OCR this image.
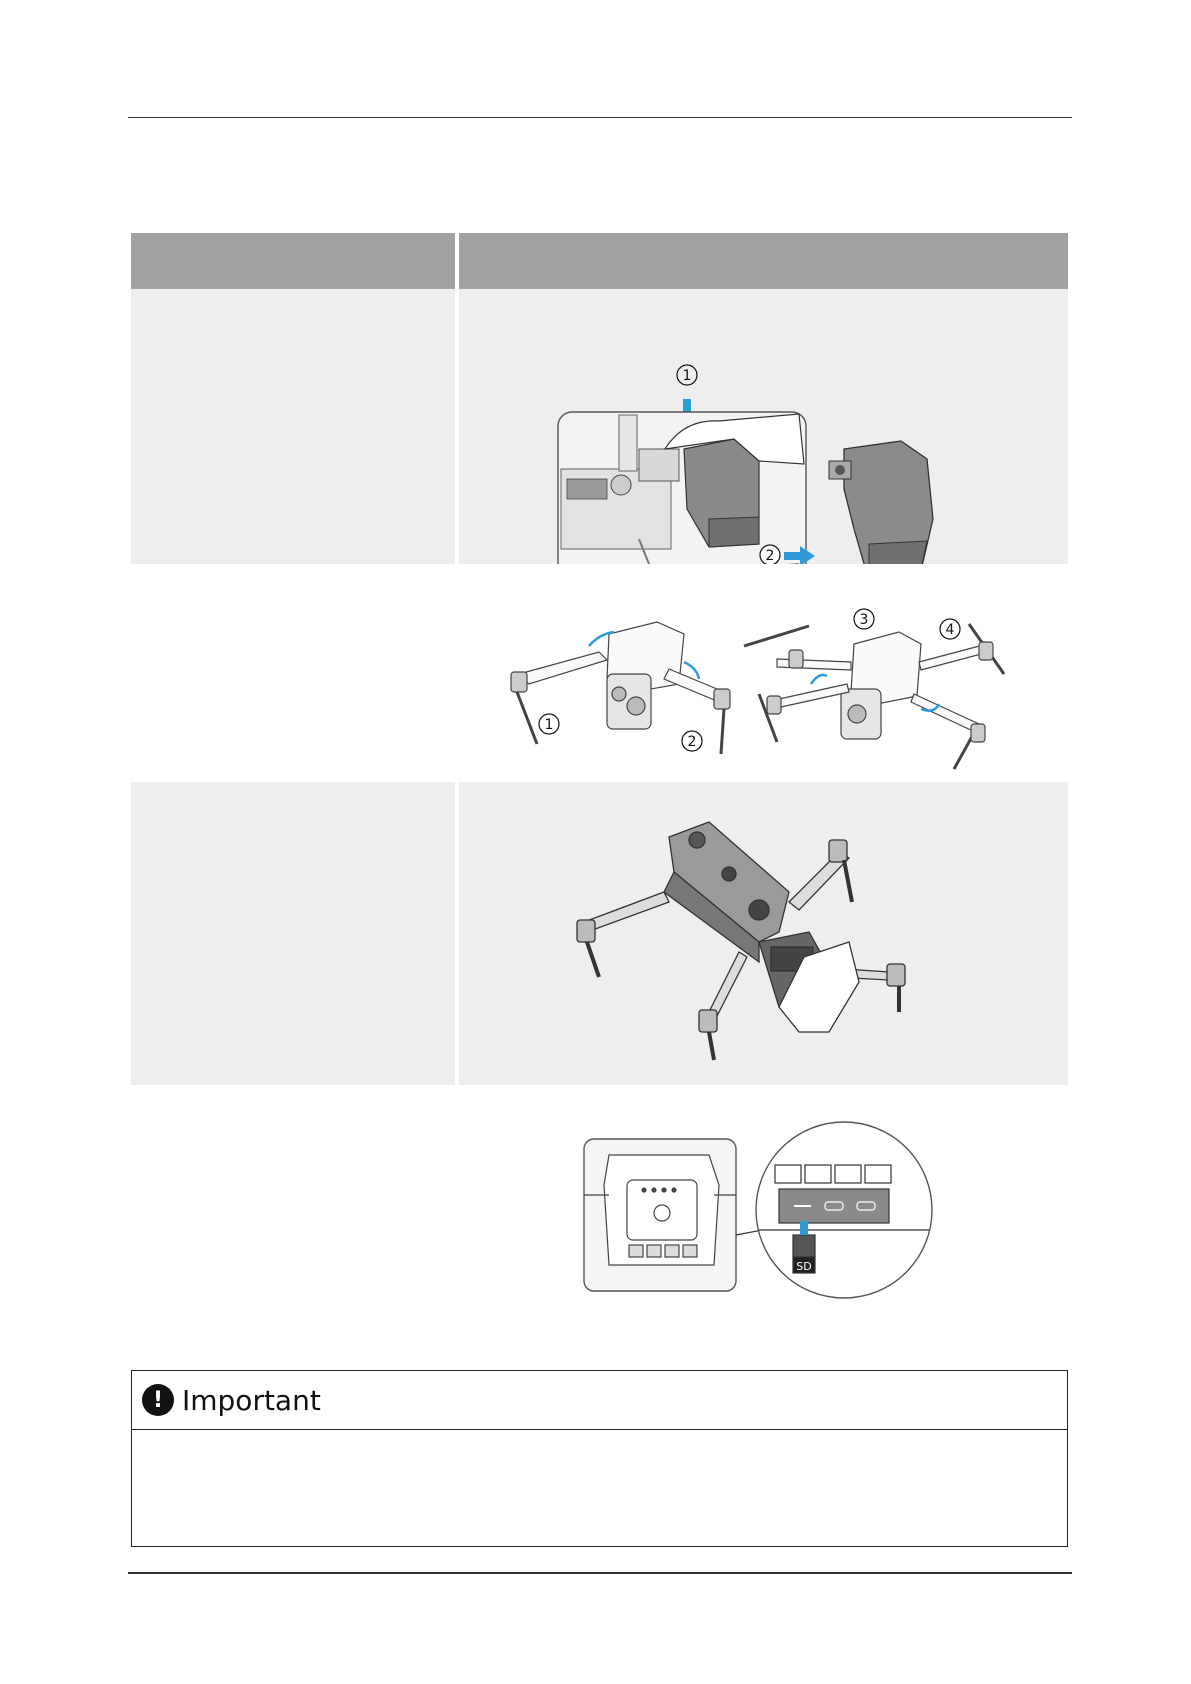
1
2
1
2
3
4
SD
! Important
